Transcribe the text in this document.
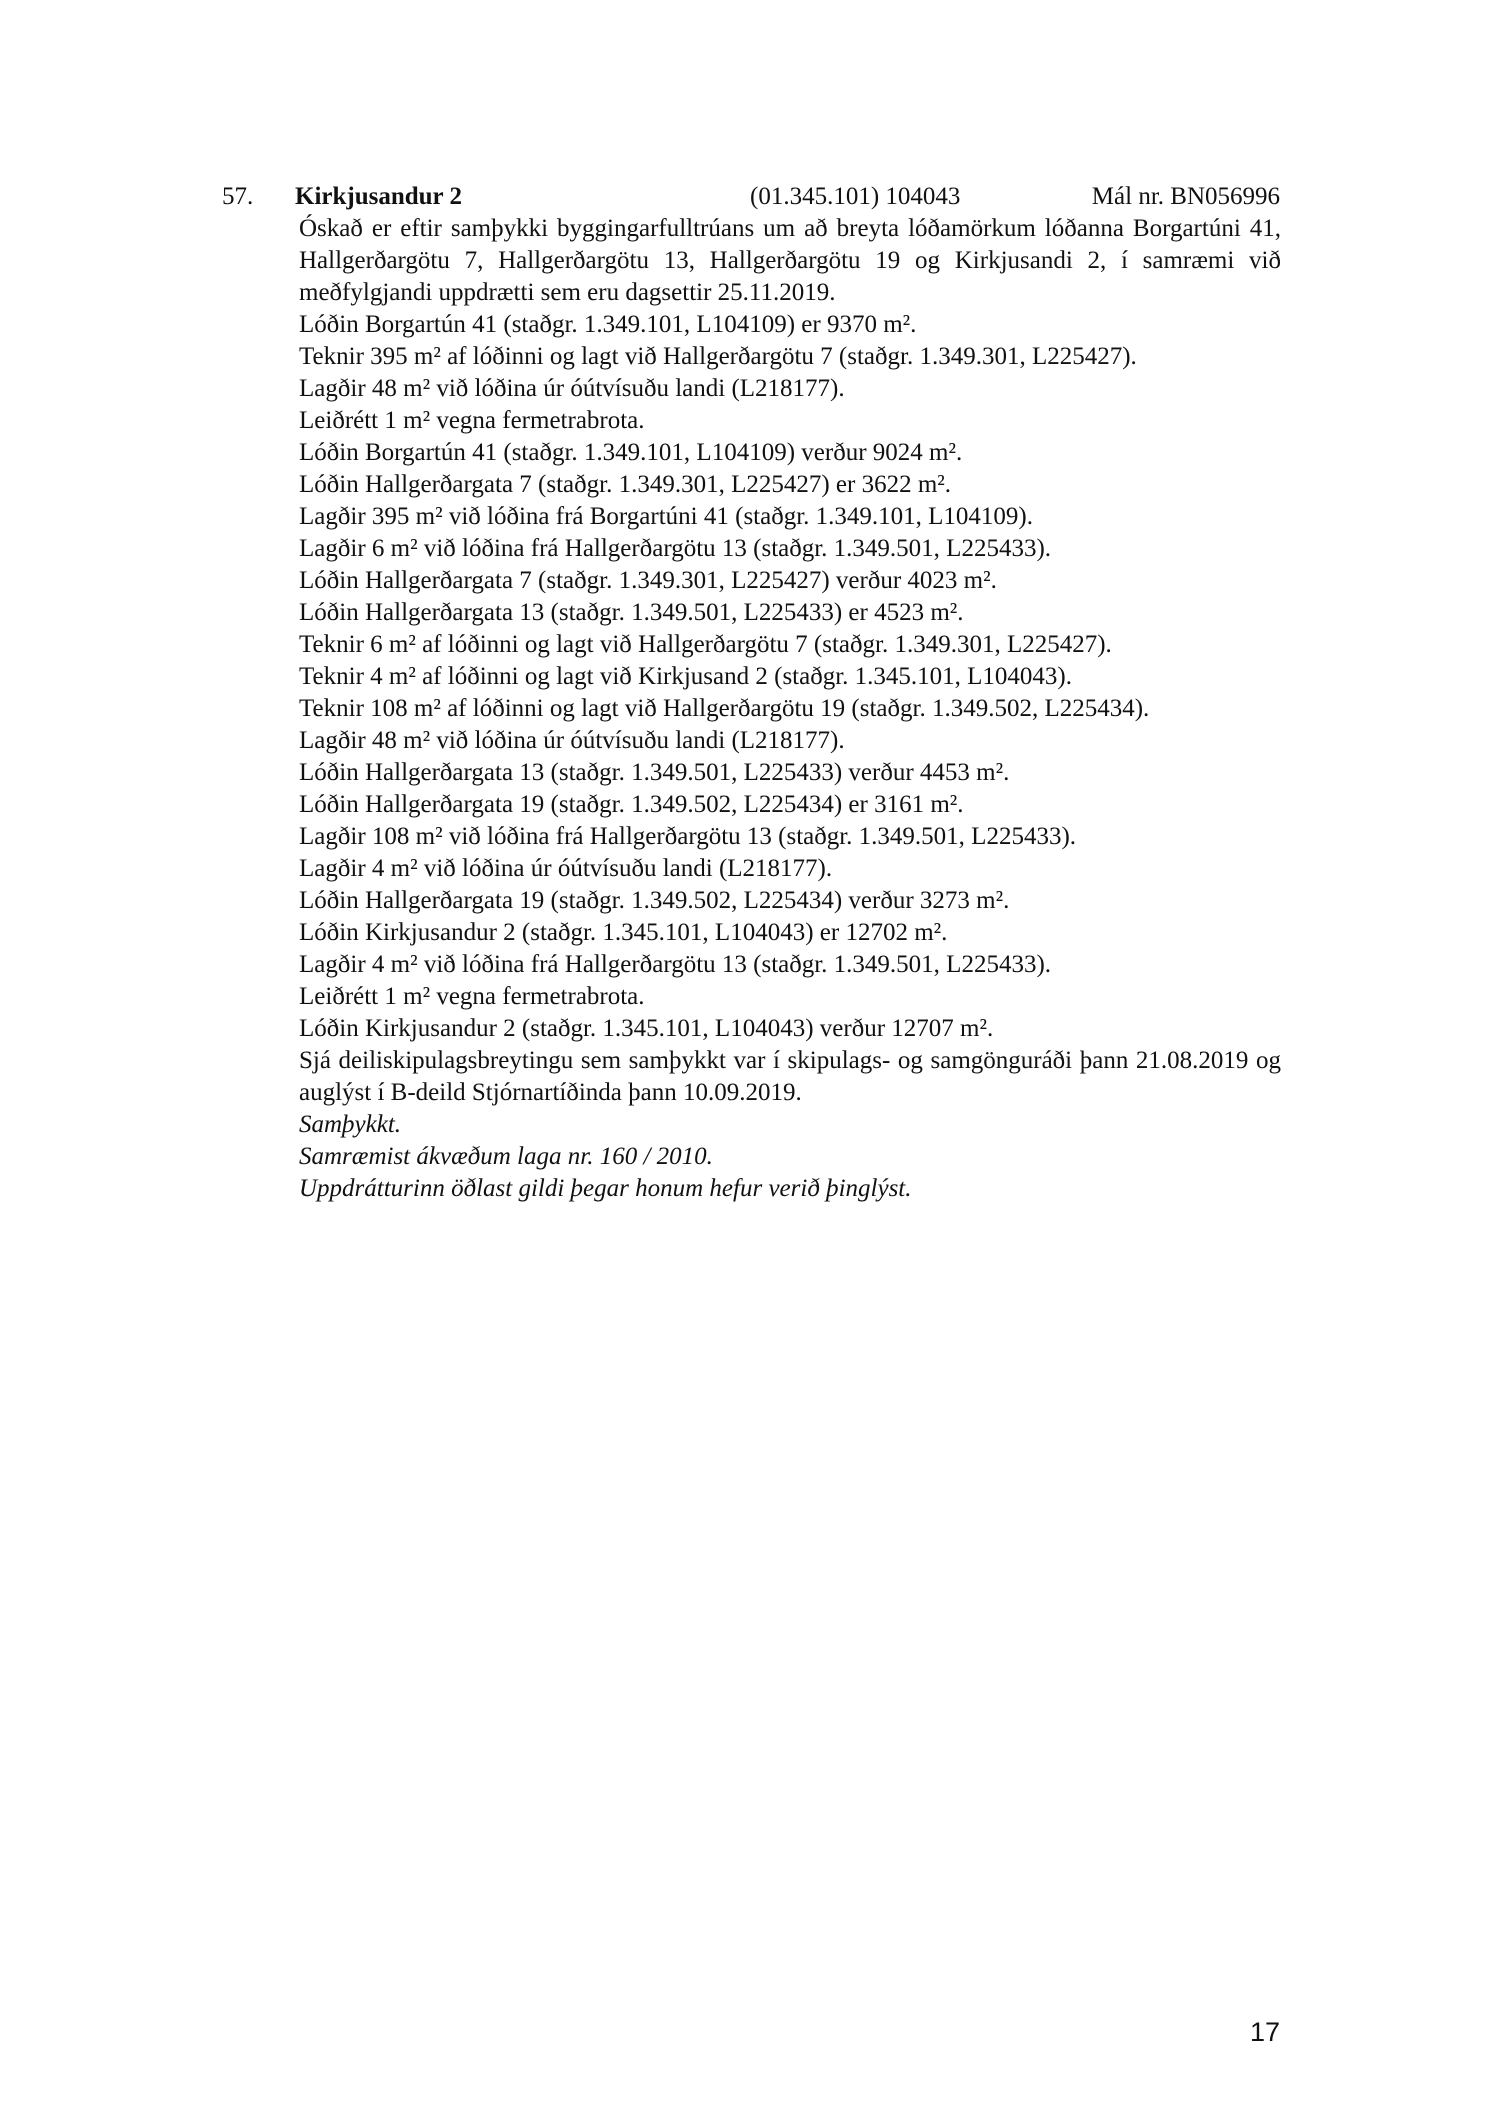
57. Kirkjusandur 2	(01.345.101) 104043	Mál nr. BN056996
Óskað er eftir samþykki byggingarfulltrúans um að breyta lóðamörkum lóðanna Borgartúni 41, Hallgerðargötu 7, Hallgerðargötu 13, Hallgerðargötu 19 og Kirkjusandi 2, í samræmi við meðfylgjandi uppdrætti sem eru dagsettir 25.11.2019.
Lóðin Borgartún 41 (staðgr. 1.349.101, L104109) er 9370 m².
Teknir 395 m² af lóðinni og lagt við Hallgerðargötu 7 (staðgr. 1.349.301, L225427).
Lagðir 48 m² við lóðina úr óútvísuðu landi (L218177).
Leiðrétt 1 m² vegna fermetrabrota.
Lóðin Borgartún 41 (staðgr. 1.349.101, L104109) verður 9024 m².
Lóðin Hallgerðargata 7 (staðgr. 1.349.301, L225427) er 3622 m².
Lagðir 395 m² við lóðina frá Borgartúni 41 (staðgr. 1.349.101, L104109).
Lagðir 6 m² við lóðina frá Hallgerðargötu 13 (staðgr. 1.349.501, L225433).
Lóðin Hallgerðargata 7 (staðgr. 1.349.301, L225427) verður 4023 m².
Lóðin Hallgerðargata 13 (staðgr. 1.349.501, L225433) er 4523 m².
Teknir 6 m² af lóðinni og lagt við Hallgerðargötu 7 (staðgr. 1.349.301, L225427).
Teknir 4 m² af lóðinni og lagt við Kirkjusand 2 (staðgr. 1.345.101, L104043).
Teknir 108 m² af lóðinni og lagt við Hallgerðargötu 19 (staðgr. 1.349.502, L225434).
Lagðir 48 m² við lóðina úr óútvísuðu landi (L218177).
Lóðin Hallgerðargata 13 (staðgr. 1.349.501, L225433) verður 4453 m².
Lóðin Hallgerðargata 19 (staðgr. 1.349.502, L225434) er 3161 m².
Lagðir 108 m² við lóðina frá Hallgerðargötu 13 (staðgr. 1.349.501, L225433).
Lagðir 4 m² við lóðina úr óútvísuðu landi (L218177).
Lóðin Hallgerðargata 19 (staðgr. 1.349.502, L225434) verður 3273 m².
Lóðin Kirkjusandur 2 (staðgr. 1.345.101, L104043) er 12702 m².
Lagðir 4 m² við lóðina frá Hallgerðargötu 13 (staðgr. 1.349.501, L225433).
Leiðrétt 1 m² vegna fermetrabrota.
Lóðin Kirkjusandur 2 (staðgr. 1.345.101, L104043) verður 12707 m².
Sjá deiliskipulagsbreytingu sem samþykkt var í skipulags- og samgönguráði þann 21.08.2019 og auglýst í B-deild Stjórnartíðinda þann 10.09.2019.
Samþykkt.
Samræmist ákvæðum laga nr. 160 / 2010.
Uppdrátturinn öðlast gildi þegar honum hefur verið þinglýst.
17
